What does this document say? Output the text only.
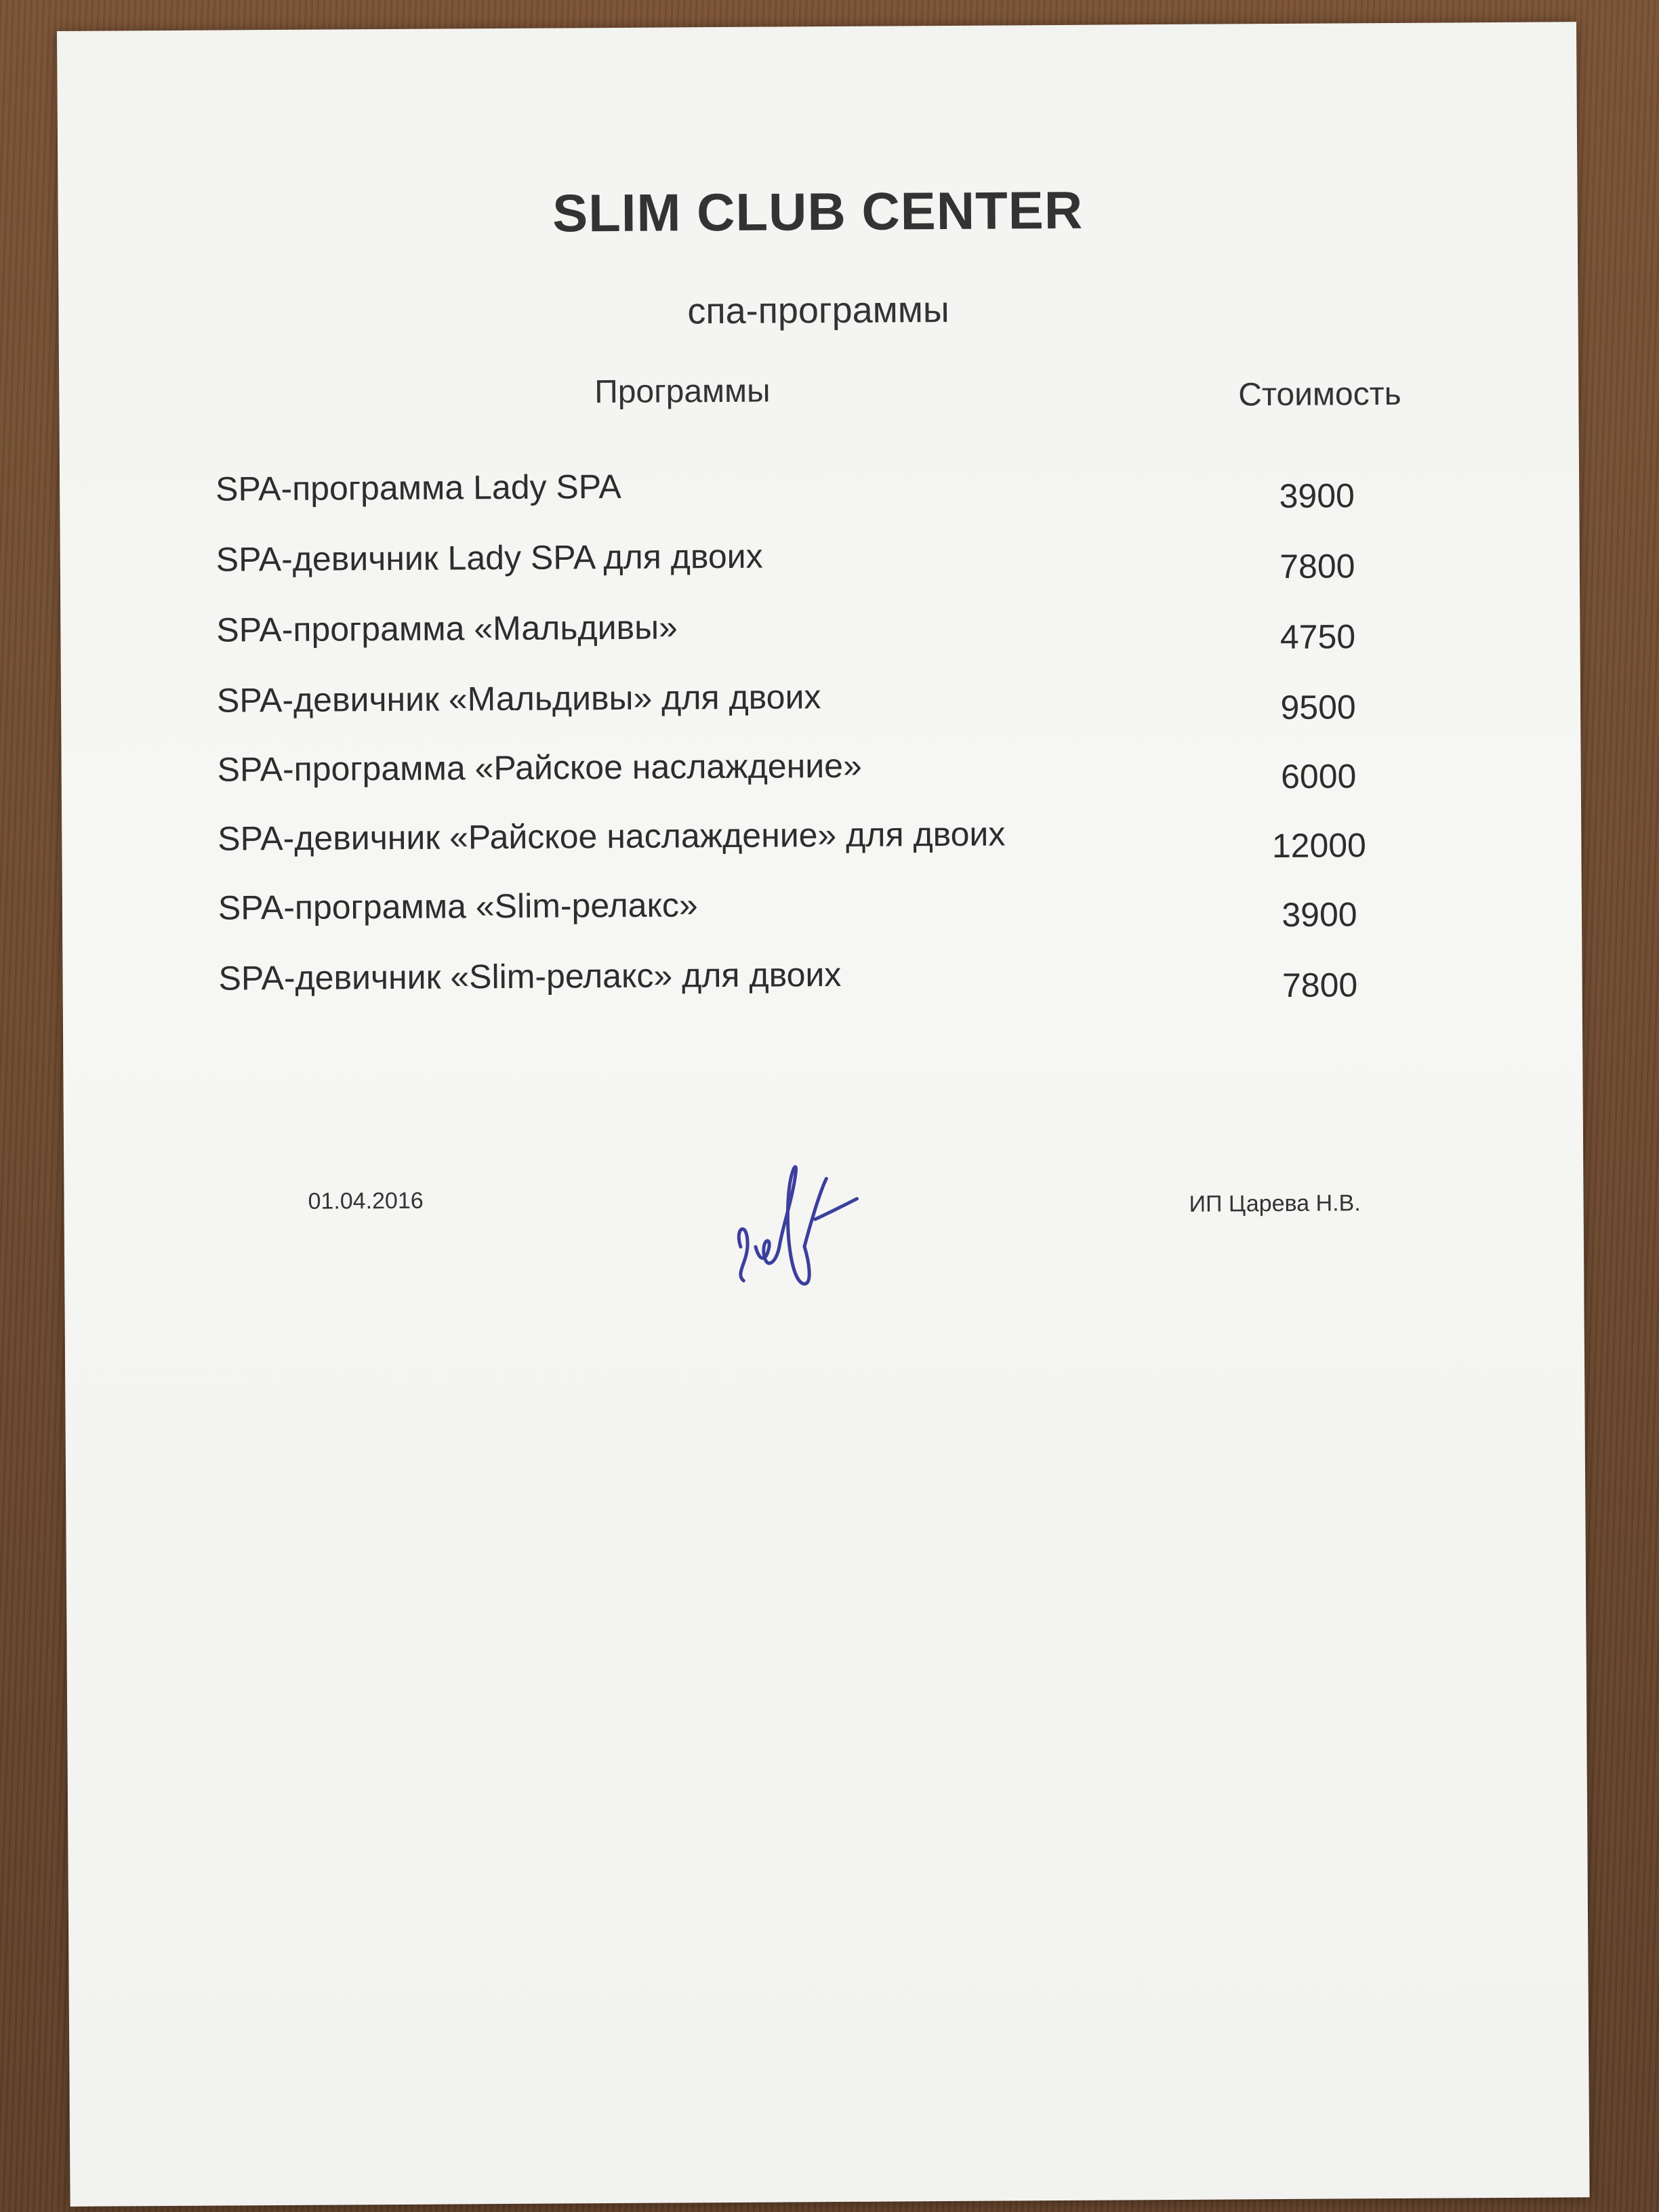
SLIM CLUB CENTER
спа-программы
Программы	Стоимость
SPA-программа Lady SPA	3900
SPA-девичник Lady SPA для двоих	7800
SPA-программа «Мальдивы»	4750
SPA-девичник «Мальдивы» для двоих	9500
SPA-программа «Райское наслаждение»	6000
SPA-девичник «Райское наслаждение» для двоих	12000
SPA-программа «Slim-релакс»	3900
SPA-девичник «Slim-релакс» для двоих	7800
01.04.2016	ИП Царева Н.В.
